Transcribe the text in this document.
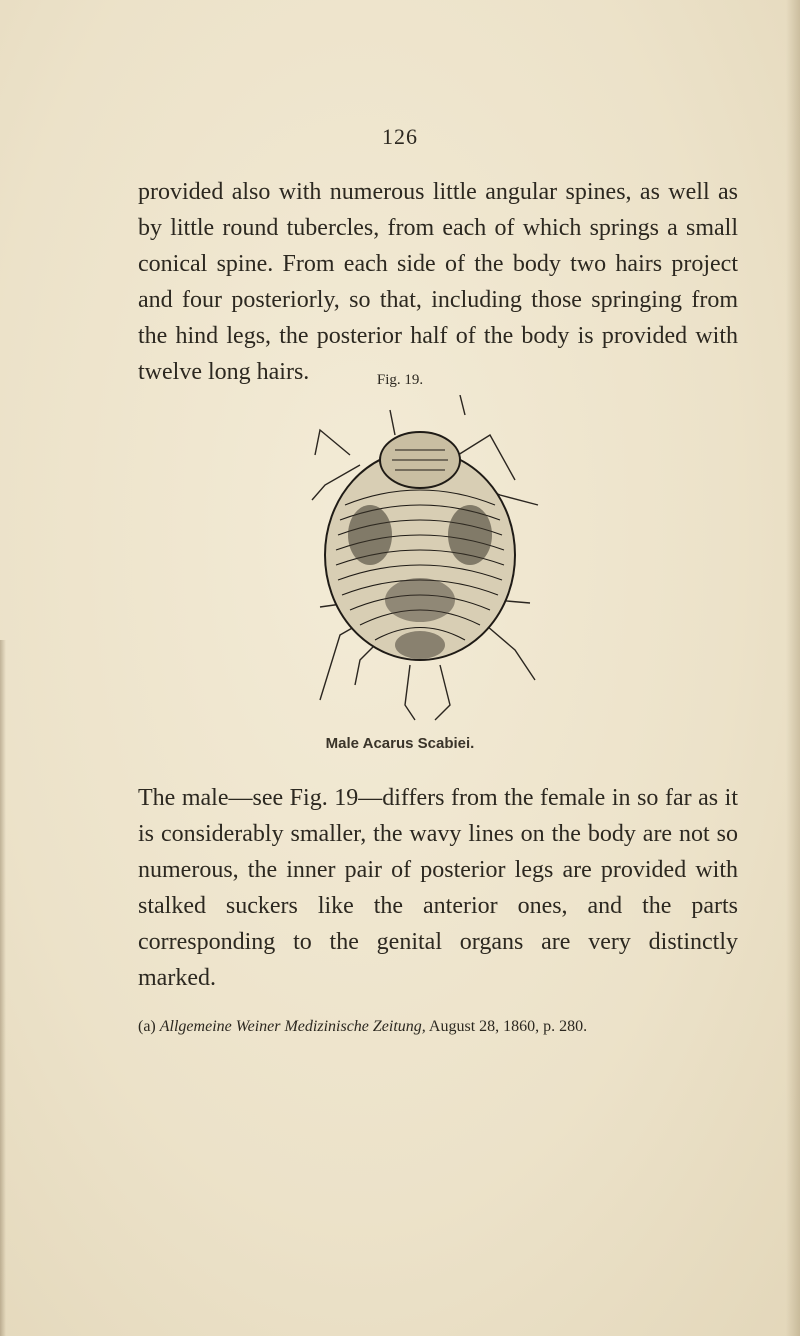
126
provided also with numerous little angular spines, as well as by little round tubercles, from each of which springs a small conical spine. From each side of the body two hairs project and four posteriorly, so that, including those springing from the hind legs, the posterior half of the body is provided with twelve long hairs.	Fig. 19.
Male Acarus Scabiei.
The male—see Fig. 19—differs from the female in so far as it is considerably smaller, the wavy lines on the body are not so numerous, the inner pair of posterior legs are provided with stalked suckers like the anterior ones, and the parts corresponding to the genital organs are very distinctly marked.
(a) Allgemeine Weiner Medizinische Zeitung, August 28, 1860, p. 280.
